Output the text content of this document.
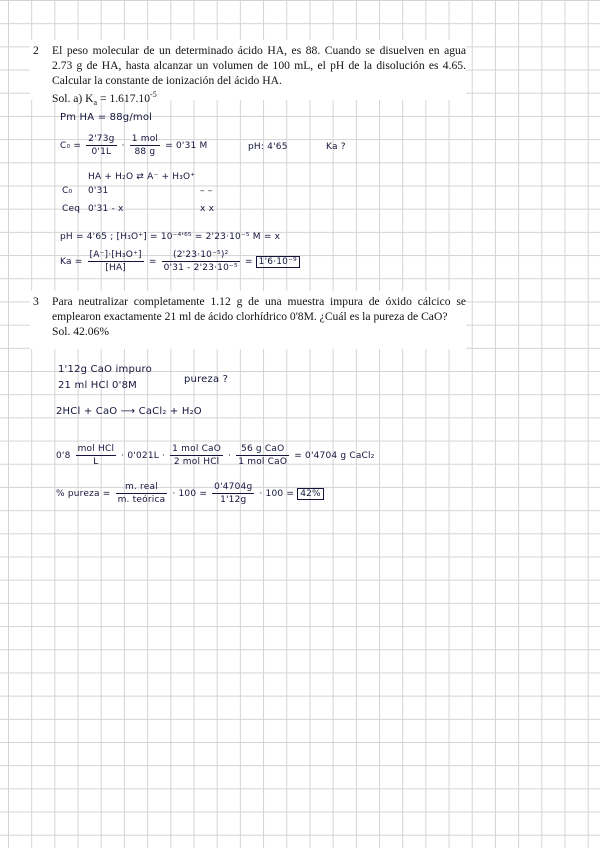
2 El peso molecular de un determinado ácido HA, es 88. Cuando se disuelven en agua 2.73 g de HA, hasta alcanzar un volumen de 100 mL, el pH de la disolución es 4.65. Calcular la constante de ionización del ácido HA.
Sol. a) $K_a = 1.617.10^{-5}$
Pm HA = 88g/mol
$C_0 = \frac{2'73g}{0'1L} \cdot \frac{\text{1 mol}}{88 g} = 0'31$ M	pH: 4'65	Ka ?
HA + H₂O ⇄ A⁻ + H₃O⁺
C₀ 0'31	– –
Ceq 0'31 - x	x x
pH = 4'65 ; [H₃O⁺] = 10⁻⁴'⁶⁵ = 2'23·10⁻⁵ M = x
$Ka = \frac{\text{[A⁻]·[H₃O⁺]}}{[HA]} = \frac{\text{(2'23·10⁻⁵)²}}{\text{0'31 - 2'23·10⁻⁵}} = 1'6\cdot 10^{-9}$
3 Para neutralizar completamente 1.12 g de una muestra impura de óxido cálcico se emplearon exactamente 21 ml de ácido clorhídrico 0'8M. ¿Cuál es la pureza de CaO?
Sol. 42.06%
1'12g CaO impuro
21 ml HCl 0'8M
pureza ?
2HCl + CaO ⟶ CaCl₂ + H₂O
$0'8 \frac{\text{mol HCl}}{L} \cdot 0'021L \cdot \frac{\text{1 mol CaO}}{\text{2 mol HCl}} \cdot \frac{\text{56 g CaO}}{\text{1 mol CaO}} = 0'4704$ g CaCl₂
% pureza = $\frac{\text{m. real}}{\text{m. teórica}} \cdot 100 = \frac{0'4704g}{1'12g} \cdot 100 = 42\%$
